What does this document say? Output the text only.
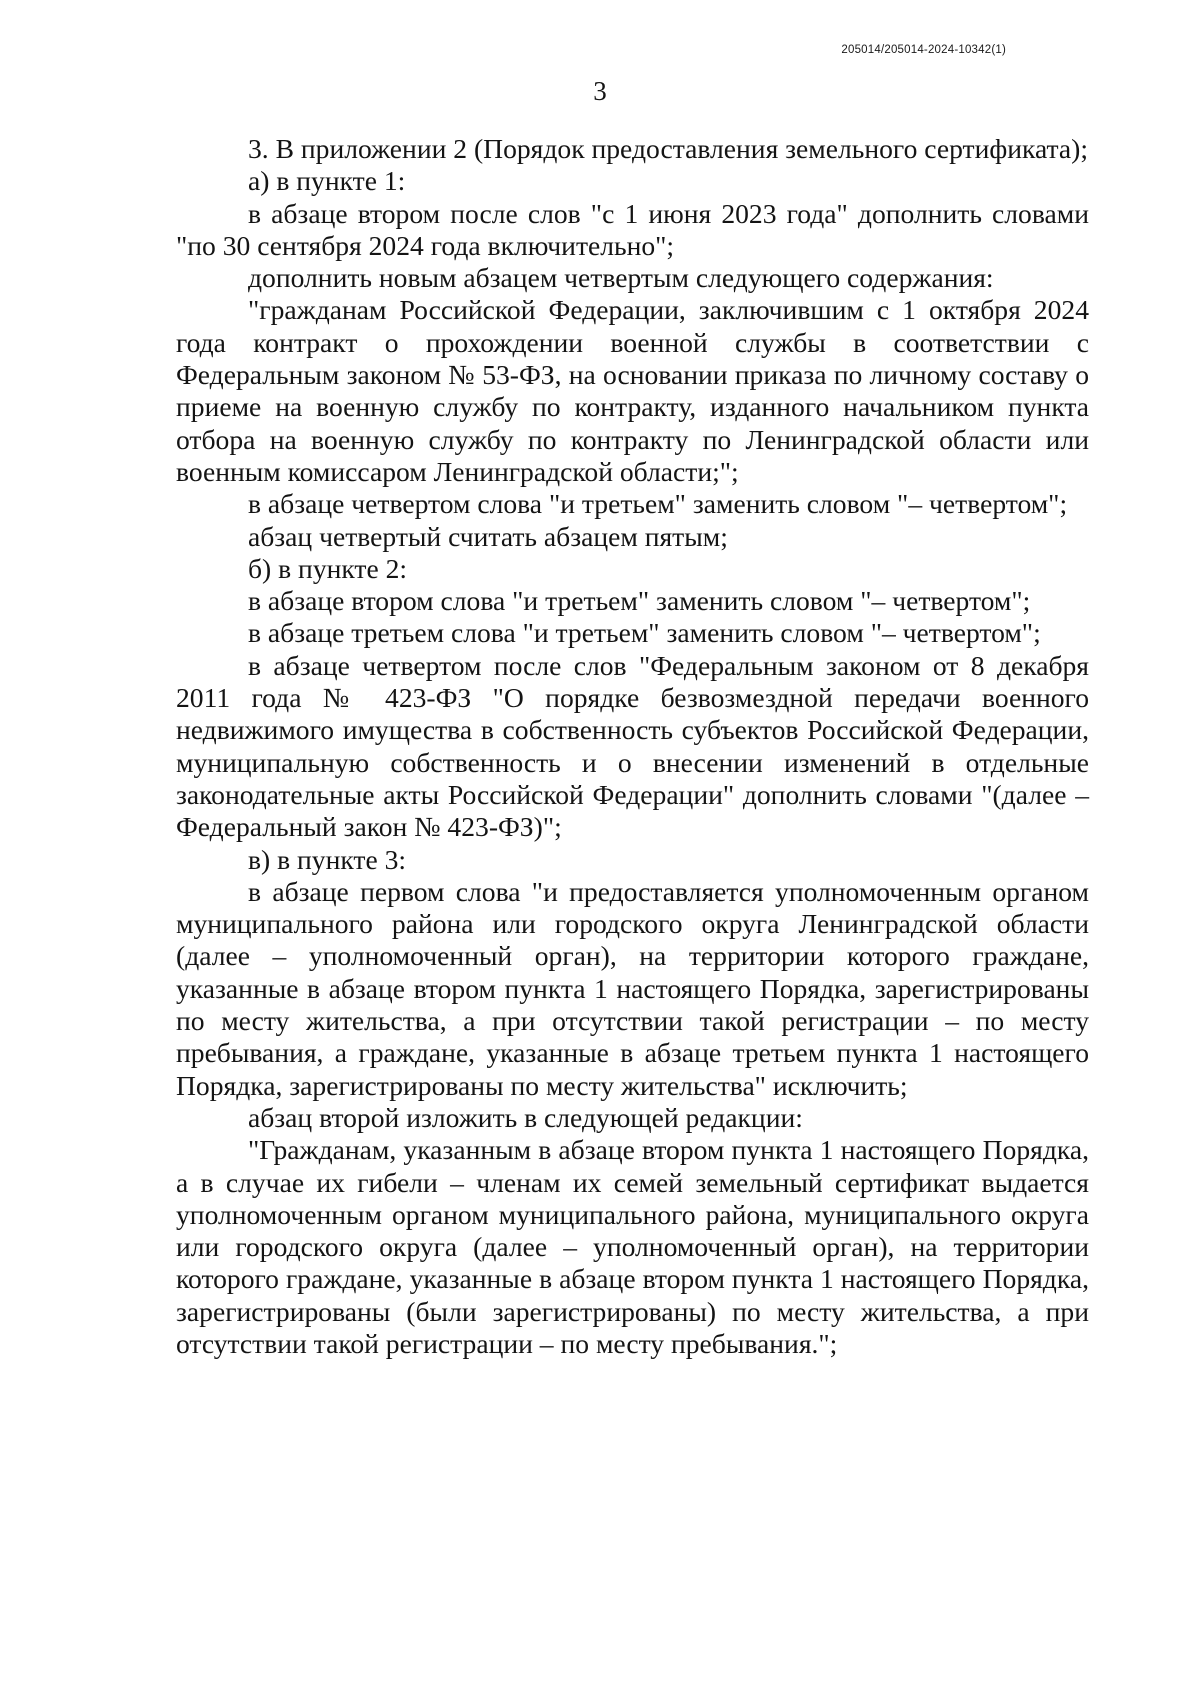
205014/205014-2024-10342(1)
3

3. В приложении 2 (Порядок предоставления земельного сертификата);

а) в пункте 1:

в абзаце втором после слов "с 1 июня 2023 года" дополнить словами "по 30 сентября 2024 года включительно";

дополнить новым абзацем четвертым следующего содержания:

"гражданам Российской Федерации, заключившим с 1 октября 2024 года контракт о прохождении военной службы в соответствии с Федеральным законом № 53-ФЗ, на основании приказа по личному составу о приеме на военную службу по контракту, изданного начальником пункта отбора на военную службу по контракту по Ленинградской области или военным комиссаром Ленинградской области;";

в абзаце четвертом слова "и третьем" заменить словом "– четвертом";

абзац четвертый считать абзацем пятым;

б) в пункте 2:

в абзаце втором слова "и третьем" заменить словом "– четвертом";

в абзаце третьем слова "и третьем" заменить словом "– четвертом";

в абзаце четвертом после слов "Федеральным законом от 8 декабря 2011 года № 423-ФЗ "О порядке безвозмездной передачи военного недвижимого имущества в собственность субъектов Российской Федерации, муниципальную собственность и о внесении изменений в отдельные законодательные акты Российской Федерации" дополнить словами "(далее – Федеральный закон № 423-ФЗ)";

в) в пункте 3:

в абзаце первом слова "и предоставляется уполномоченным органом муниципального района или городского округа Ленинградской области (далее – уполномоченный орган), на территории которого граждане, указанные в абзаце втором пункта 1 настоящего Порядка, зарегистрированы по месту жительства, а при отсутствии такой регистрации – по месту пребывания, а граждане, указанные в абзаце третьем пункта 1 настоящего Порядка, зарегистрированы по месту жительства" исключить;

абзац второй изложить в следующей редакции:

"Гражданам, указанным в абзаце втором пункта 1 настоящего Порядка, а в случае их гибели – членам их семей земельный сертификат выдается уполномоченным органом муниципального района, муниципального округа или городского округа (далее – уполномоченный орган), на территории которого граждане, указанные в абзаце втором пункта 1 настоящего Порядка, зарегистрированы (были зарегистрированы) по месту жительства, а при отсутствии такой регистрации – по месту пребывания.";
